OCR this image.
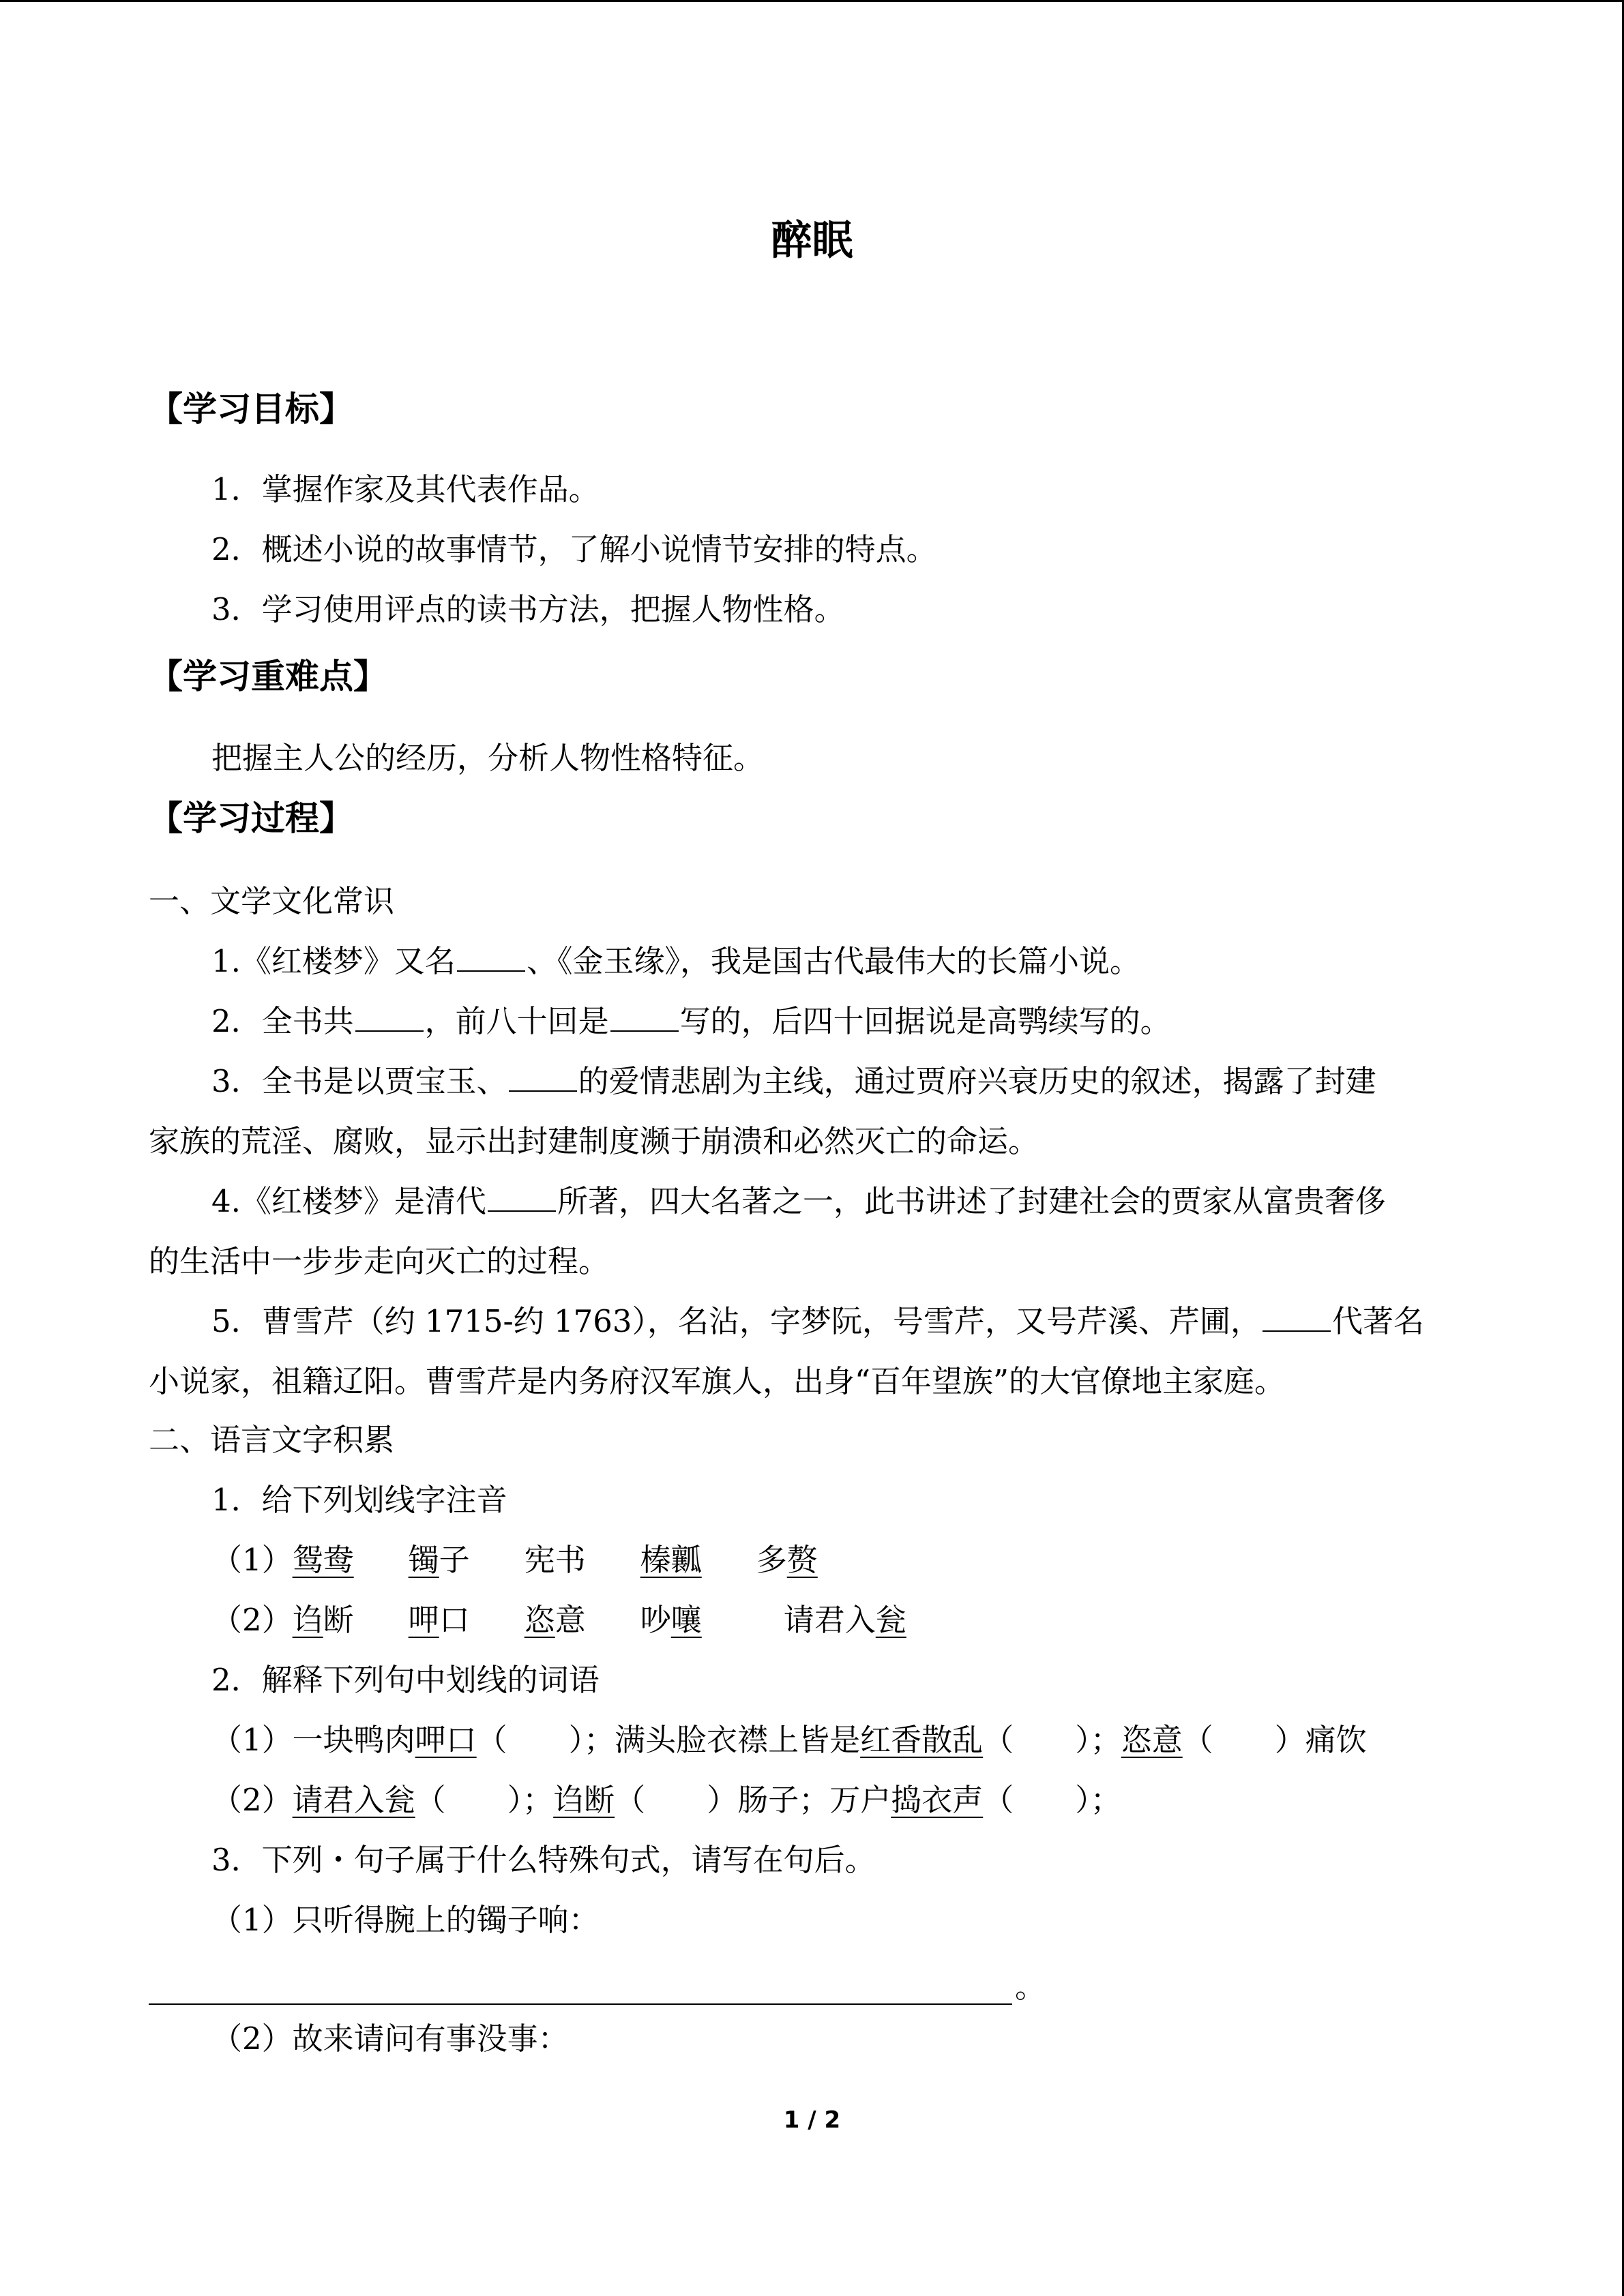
醉眠
【学习目标】
1．掌握作家及其代表作品。
2．概述小说的故事情节，了解小说情节安排的特点。
3．学习使用评点的读书方法，把握人物性格。
【学习重难点】
把握主人公的经历，分析人物性格特征。
【学习过程】
一、文学文化常识
1.《红楼梦》又名 、《金玉缘》，我是国古代最伟大的长篇小说。
2．全书共 ，前八十回是 写的，后四十回据说是高鹗续写的。
3．全书是以贾宝玉、 的爱情悲剧为主线，通过贾府兴衰历史的叙述，揭露了封建
家族的荒淫、腐败，显示出封建制度濒于崩溃和必然灭亡的命运。
4.《红楼梦》是清代 所著，四大名著之一，此书讲述了封建社会的贾家从富贵奢侈
的生活中一步步走向灭亡的过程。
5．曹雪芹（约 1715-约 1763），名沾，字梦阮，号雪芹，又号芹溪、芹圃， 代著名
小说家，祖籍辽阳。曹雪芹是内务府汉军旗人，出身“百年望族”的大官僚地主家庭。
二、语言文字积累
1．给下列划线字注音
（1）鸳鸯 镯子 宪书 榛瓤 多赘
（2）诌断 呷口 恣意 吵嚷	请君入瓮
2．解释下列句中划线的词语
（1）一块鸭肉呷口（　　）；满头脸衣襟上皆是红香散乱（　　）；恣意（　　）痛饮
（2）请君入瓮（　　）；诌断（　　）肠子；万户捣衣声（　　）；
3．下列・句子属于什么特殊句式，请写在句后。
（1）只听得腕上的镯子响：
。
（2）故来请问有事没事：
1 / 2
